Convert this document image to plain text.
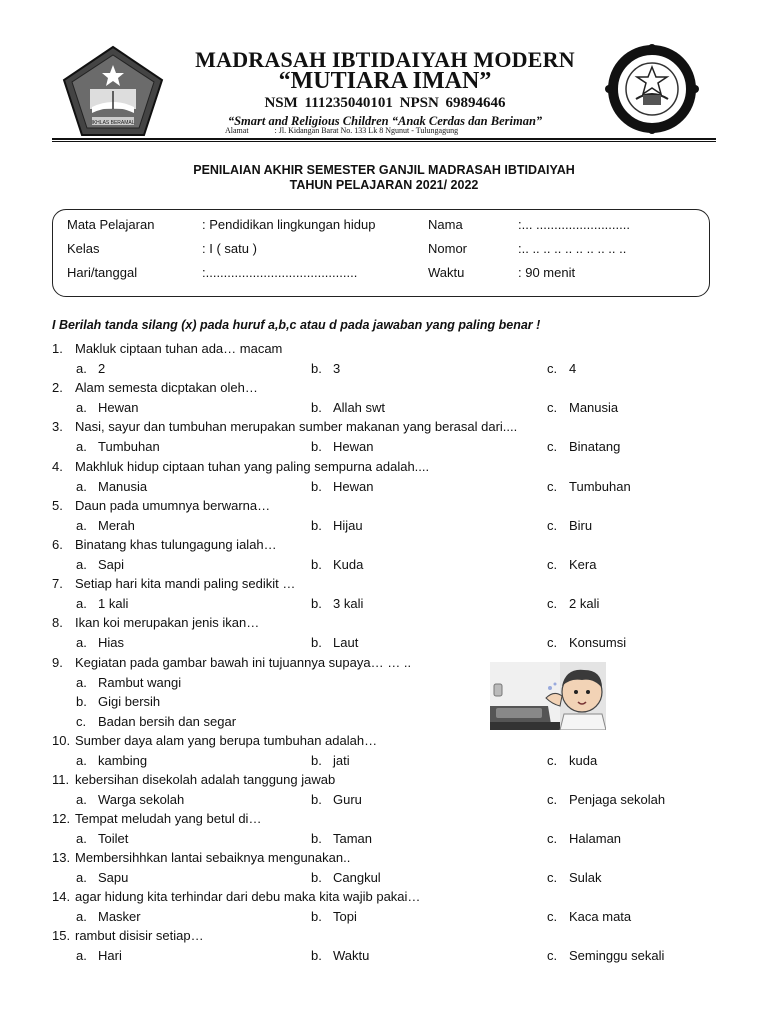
IKHLAS BERAMAL
MADRASAH IBTIDAIYAH MODERN
“MUTIARA IMAN”
NSM 111235040101 NPSN 69894646
“Smart and Religious Children “Anak Cerdas dan Beriman”
Alamat	: Jl. Kidangan Barat No. 133 Lk 8 Ngunut - Tulungagung
PENILAIAN AKHIR SEMESTER GANJIL MADRASAH IBTIDAIYAH
TAHUN PELAJARAN 2021/ 2022
Mata Pelajaran	: Pendidikan lingkungan hidup	Nama	:... ..........................
Kelas	: I ( satu )	Nomor	:.. .. .. .. .. .. .. .. .. ..
Hari/tanggal	:..........................................	Waktu	: 90 menit
I Berilah tanda silang (x) pada huruf a,b,c atau d pada jawaban yang paling benar !
1. Makluk ciptaan tuhan ada… macam
a. 2	b. 3	c. 4
2. Alam semesta dicptakan oleh…
a. Hewan	b. Allah swt	c. Manusia
3. Nasi, sayur dan tumbuhan merupakan sumber makanan yang berasal dari....
a. Tumbuhan	b. Hewan	c. Binatang
4. Makhluk hidup ciptaan tuhan yang paling sempurna adalah....
a. Manusia	b. Hewan	c. Tumbuhan
5. Daun pada umumnya berwarna…
a. Merah	b. Hijau	c. Biru
6. Binatang khas tulungagung ialah…
a. Sapi	b. Kuda	c. Kera
7. Setiap hari kita mandi paling sedikit …
a. 1 kali	b. 3 kali	c. 2 kali
8. Ikan koi merupakan jenis ikan…
a. Hias	b. Laut	c. Konsumsi
9. Kegiatan pada gambar bawah ini tujuannya supaya… … ..
a. Rambut wangi
b. Gigi bersih
c. Badan bersih dan segar
10. Sumber daya alam yang berupa tumbuhan adalah…
a. kambing	b. jati	c. kuda
11. kebersihan disekolah adalah tanggung jawab
a. Warga sekolah	b. Guru	c. Penjaga sekolah
12. Tempat meludah yang betul di…
a. Toilet	b. Taman	c. Halaman
13. Membersihhkan lantai sebaiknya mengunakan..
a. Sapu	b. Cangkul	c. Sulak
14. agar hidung kita terhindar dari debu maka kita wajib pakai…
a. Masker	b. Topi	c. Kaca mata
15. rambut disisir setiap…
a. Hari	b. Waktu	c. Seminggu sekali
